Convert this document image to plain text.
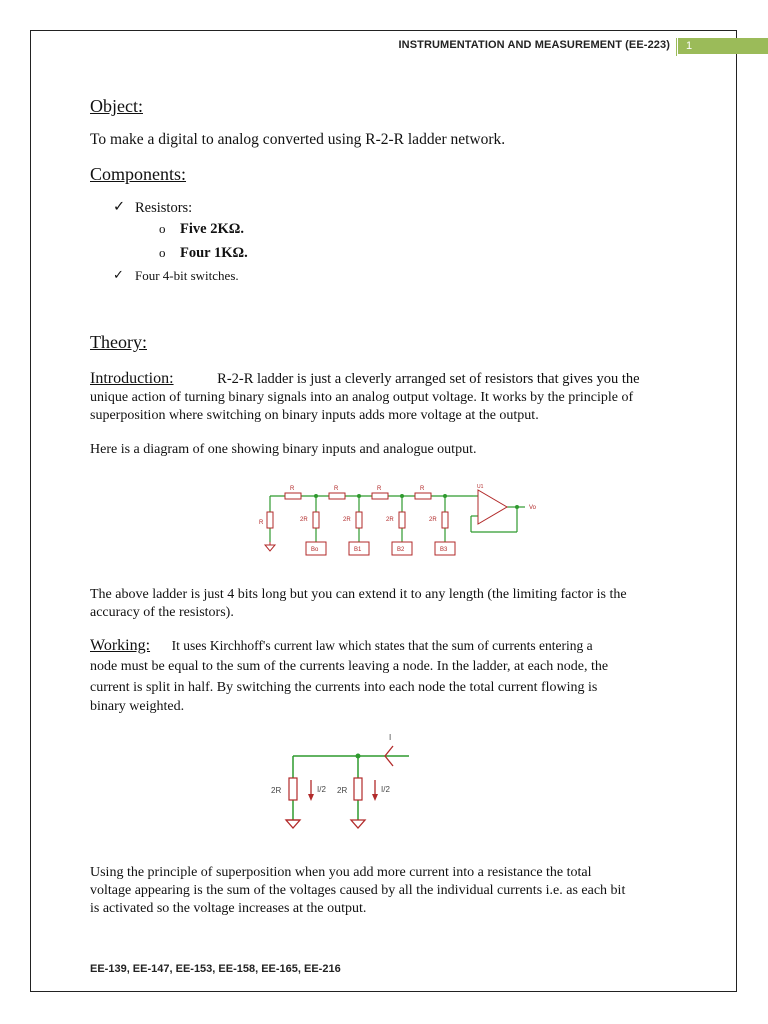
INSTRUMENTATION AND MEASUREMENT (EE-223)	1
Object:
To make a digital to analog converted using R-2-R ladder network.
Components:
✓ Resistors:
o Five 2KΩ.
o Four 1KΩ.
✓ Four 4-bit switches.
Theory:
Introduction:	R-2-R ladder is just a cleverly arranged set of resistors that gives you the
unique action of turning binary signals into an analog output voltage. It works by the principle of
superposition where switching on binary inputs adds more voltage at the output.
Here is a diagram of one showing binary inputs and analogue output.
R	R	R	R
R	2R	2R	2R	2R
Bo	B1	B2	B3
U1
Vo
The above ladder is just 4 bits long but you can extend it to any length (the limiting factor is the
accuracy of the resistors).
Working: It uses Kirchhoff's current law which states that the sum of currents entering a
node must be equal to the sum of the currents leaving a node. In the ladder, at each node, the
current is split in half. By switching the currents into each node the total current flowing is
binary weighted.
I
2R	2R
I/2	I/2
Using the principle of superposition when you add more current into a resistance the total
voltage appearing is the sum of the voltages caused by all the individual currents i.e. as each bit
is activated so the voltage increases at the output.
EE-139, EE-147, EE-153, EE-158, EE-165, EE-216
